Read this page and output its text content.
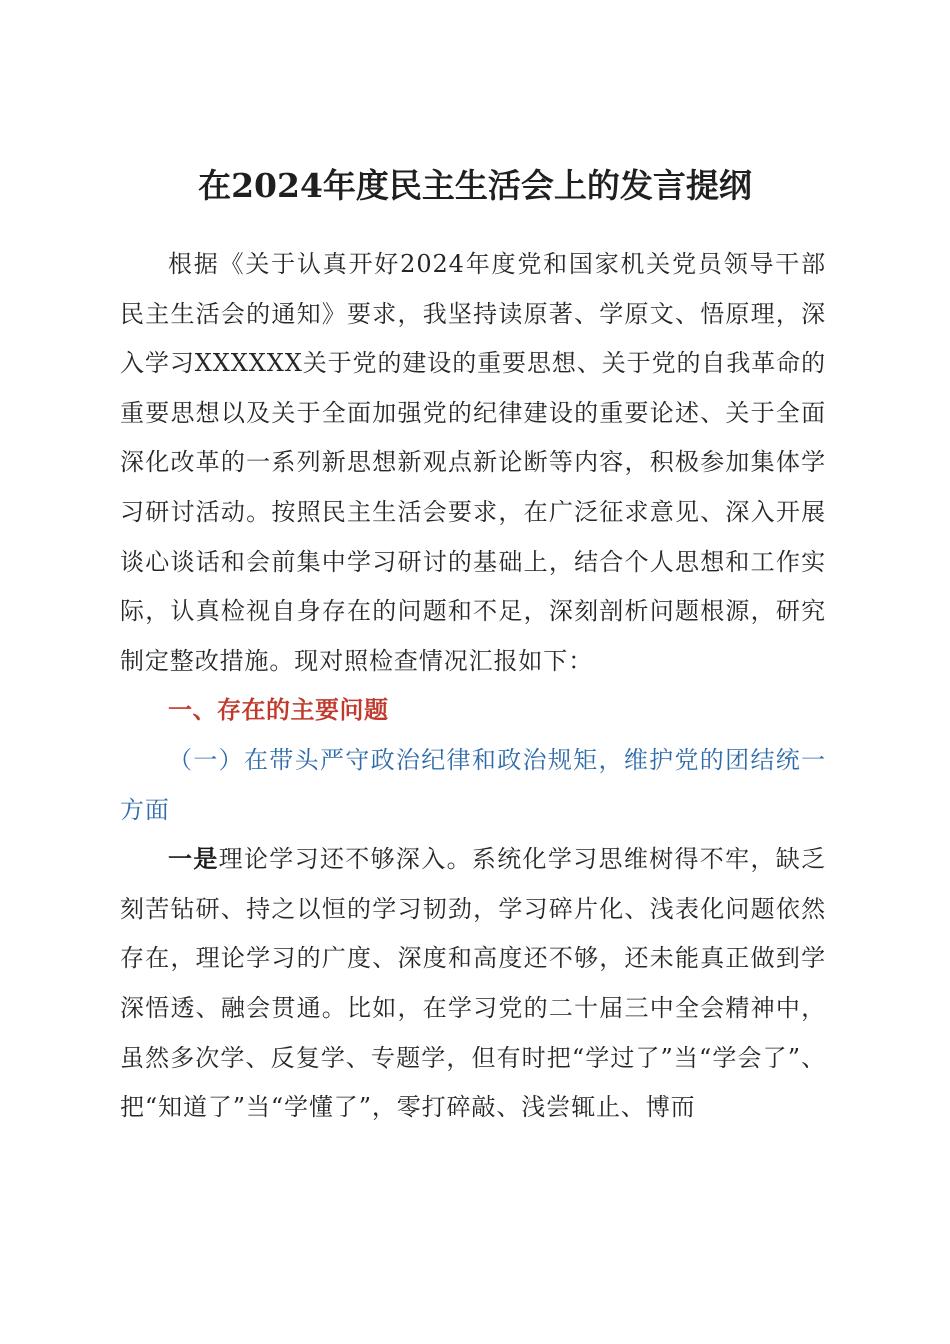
在2024年度民主生活会上的发言提纲

根据《关于认真开好2024年度党和国家机关党员领导干部民主生活会的通知》要求，我坚持读原著、学原文、悟原理，深入学习XXXXXX关于党的建设的重要思想、关于党的自我革命的重要思想以及关于全面加强党的纪律建设的重要论述、关于全面深化改革的一系列新思想新观点新论断等内容，积极参加集体学习研讨活动。按照民主生活会要求，在广泛征求意见、深入开展谈心谈话和会前集中学习研讨的基础上，结合个人思想和工作实际，认真检视自身存在的问题和不足，深刻剖析问题根源，研究制定整改措施。现对照检查情况汇报如下：

一、存在的主要问题

（一）在带头严守政治纪律和政治规矩，维护党的团结统一方面

一是理论学习还不够深入。系统化学习思维树得不牢，缺乏刻苦钻研、持之以恒的学习韧劲，学习碎片化、浅表化问题依然存在，理论学习的广度、深度和高度还不够，还未能真正做到学深悟透、融会贯通。比如，在学习党的二十届三中全会精神中，虽然多次学、反复学、专题学，但有时把“学过了”当“学会了”、把“知道了”当“学懂了”，零打碎敲、浅尝辄止、博而
